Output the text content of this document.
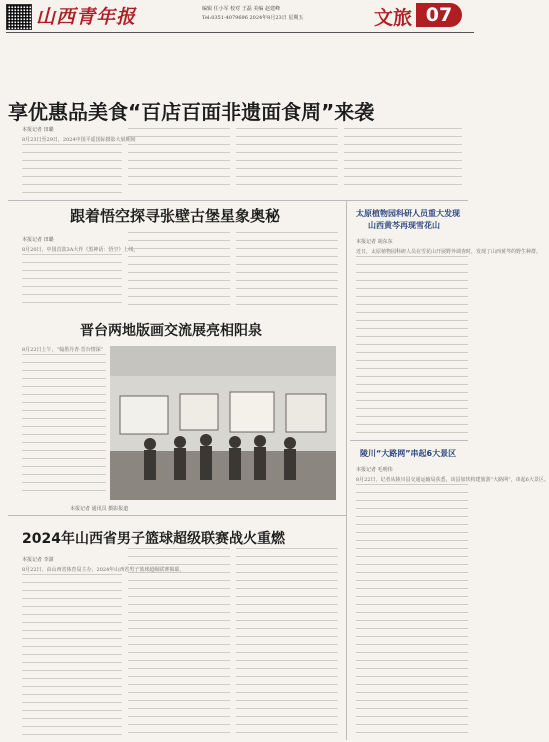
山西青年报	编辑 任小军 校对 王磊 美编 赵建峰
Tel:0351-4079696 2024年8月23日 星期五	文旅 07
享优惠品美食“百店百面非遗面食周”来袭
本报记者 田璐
8月23日至29日，2024中国平遥国际摄影大展期间
跟着悟空探寻张壁古堡星象奥秘
本报记者 田璐
8月20日，中国首款3A大作《黑神话：悟空》上线，
晋台两地版画交流展亮相阳泉
8月22日上午，“翰墨丹青·晋台情深”
本报记者 通讯员 摄影报道
2024年山西省男子篮球超级联赛战火重燃
本报记者 李澍
8月22日，由山西省体育局主办，2024年山西省男子篮球超级联赛揭幕，
太原植物园科研人员重大发现
山西黄芩再现雪花山
本报记者 胡东东
近日，太原植物园科研人员在雪花山开展野外调查时，发现了山西黄芩的野生种群。
陵川“大路网”串起6大景区
本报记者 毛明伟
8月22日，记者从陵川县交通运输局获悉，该县加快构建旅游“大路网”，串起6大景区。
